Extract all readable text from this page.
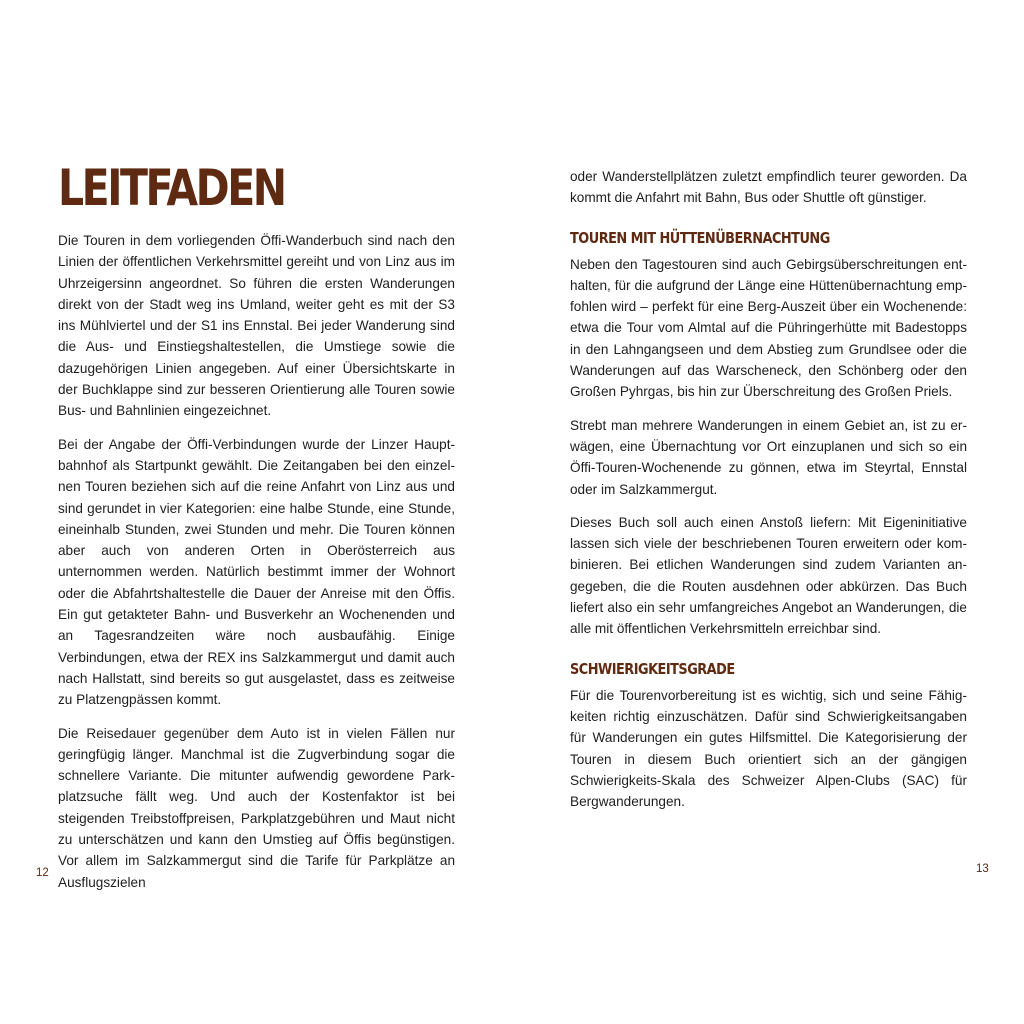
LEITFADEN

Die Touren in dem vorliegenden Öffi-Wanderbuch sind nach den Linien der öffentlichen Verkehrsmittel gereiht und von Linz aus im Uhrzeigersinn angeordnet. So führen die ersten Wanderungen direkt von der Stadt weg ins Umland, weiter geht es mit der S3 ins Mühlviertel und der S1 ins Ennstal. Bei jeder Wanderung sind die Aus- und Einstiegshaltestellen, die Umstiege sowie die dazugehörigen Linien angegeben. Auf einer Übersichtskarte in der Buchklappe sind zur besseren Orientierung alle Touren sowie Bus- und Bahnlinien eingezeichnet.

Bei der Angabe der Öffi-Verbindungen wurde der Linzer Hauptbahnhof als Startpunkt gewählt. Die Zeitangaben bei den einzelnen Touren beziehen sich auf die reine Anfahrt von Linz aus und sind gerundet in vier Kategorien: eine halbe Stunde, eine Stunde, eineinhalb Stunden, zwei Stunden und mehr. Die Touren können aber auch von anderen Orten in Oberösterreich aus unternommen werden. Natürlich bestimmt immer der Wohnort oder die Abfahrtshaltestelle die Dauer der Anreise mit den Öffis. Ein gut getakteter Bahn- und Busverkehr an Wochenenden und an Tagesrandzeiten wäre noch ausbaufähig. Einige Verbindungen, etwa der REX ins Salzkammergut und damit auch nach Hallstatt, sind bereits so gut ausgelastet, dass es zeitweise zu Platzengpässen kommt.

Die Reisedauer gegenüber dem Auto ist in vielen Fällen nur geringfügig länger. Manchmal ist die Zugverbindung sogar die schnellere Variante. Die mitunter aufwendig gewordene Parkplatzsuche fällt weg. Und auch der Kostenfaktor ist bei steigenden Treibstoffpreisen, Parkplatzgebühren und Maut nicht zu unterschätzen und kann den Umstieg auf Öffis begünstigen. Vor allem im Salzkammergut sind die Tarife für Parkplätze an Ausflugszielen

12

oder Wanderstellplätzen zuletzt empfindlich teurer geworden. Da kommt die Anfahrt mit Bahn, Bus oder Shuttle oft günstiger.

TOUREN MIT HÜTTENÜBERNACHTUNG

Neben den Tagestouren sind auch Gebirgsüberschreitungen enthalten, für die aufgrund der Länge eine Hüttenübernachtung empfohlen wird – perfekt für eine Berg-Auszeit über ein Wochenende: etwa die Tour vom Almtal auf die Pühringerhütte mit Badestopps in den Lahngangseen und dem Abstieg zum Grundlsee oder die Wanderungen auf das Warscheneck, den Schönberg oder den Großen Pyhrgas, bis hin zur Überschreitung des Großen Priels.

Strebt man mehrere Wanderungen in einem Gebiet an, ist zu erwägen, eine Übernachtung vor Ort einzuplanen und sich so ein Öffi-Touren-Wochenende zu gönnen, etwa im Steyrtal, Ennstal oder im Salzkammergut.

Dieses Buch soll auch einen Anstoß liefern: Mit Eigeninitiative lassen sich viele der beschriebenen Touren erweitern oder kombinieren. Bei etlichen Wanderungen sind zudem Varianten angegeben, die die Routen ausdehnen oder abkürzen. Das Buch liefert also ein sehr umfangreiches Angebot an Wanderungen, die alle mit öffentlichen Verkehrsmitteln erreichbar sind.

SCHWIERIGKEITSGRADE

Für die Tourenvorbereitung ist es wichtig, sich und seine Fähigkeiten richtig einzuschätzen. Dafür sind Schwierigkeitsangaben für Wanderungen ein gutes Hilfsmittel. Die Kategorisierung der Touren in diesem Buch orientiert sich an der gängigen Schwierigkeits-Skala des Schweizer Alpen-Clubs (SAC) für Bergwanderungen.

13
